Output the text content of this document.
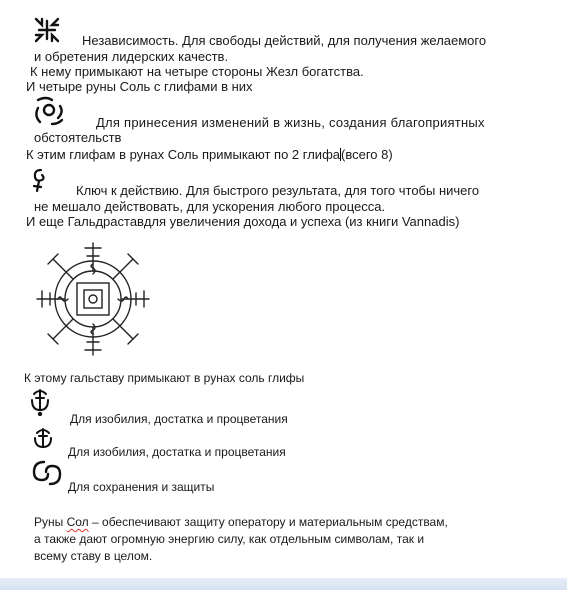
Независимость. Для свободы действий, для получения желаемого
и обретения лидерских качеств.
К нему примыкают на четыре стороны Жезл богатства.
И четыре руны Соль с глифами в них
Для принесения изменений в жизнь, создания благоприятных
обстоятельств
К этим глифам в рунах Соль примыкают по 2 глифа(всего 8)
Ключ к действию. Для быстрого результата, для того чтобы ничего
не мешало действовать, для ускорения любого процесса.
И еще Гальдраставдля увеличения дохода и успеха (из книги Vannadis)
К этому гальставу примыкают в рунах соль глифы
Для изобилия, достатка и процветания
Для изобилия, достатка и процветания
Для сохранения и защиты
Руны Сол – обеспечивают защиту оператору и материальным средствам,
а также дают огромную энергию силу, как отдельным символам, так и
всему ставу в целом.
